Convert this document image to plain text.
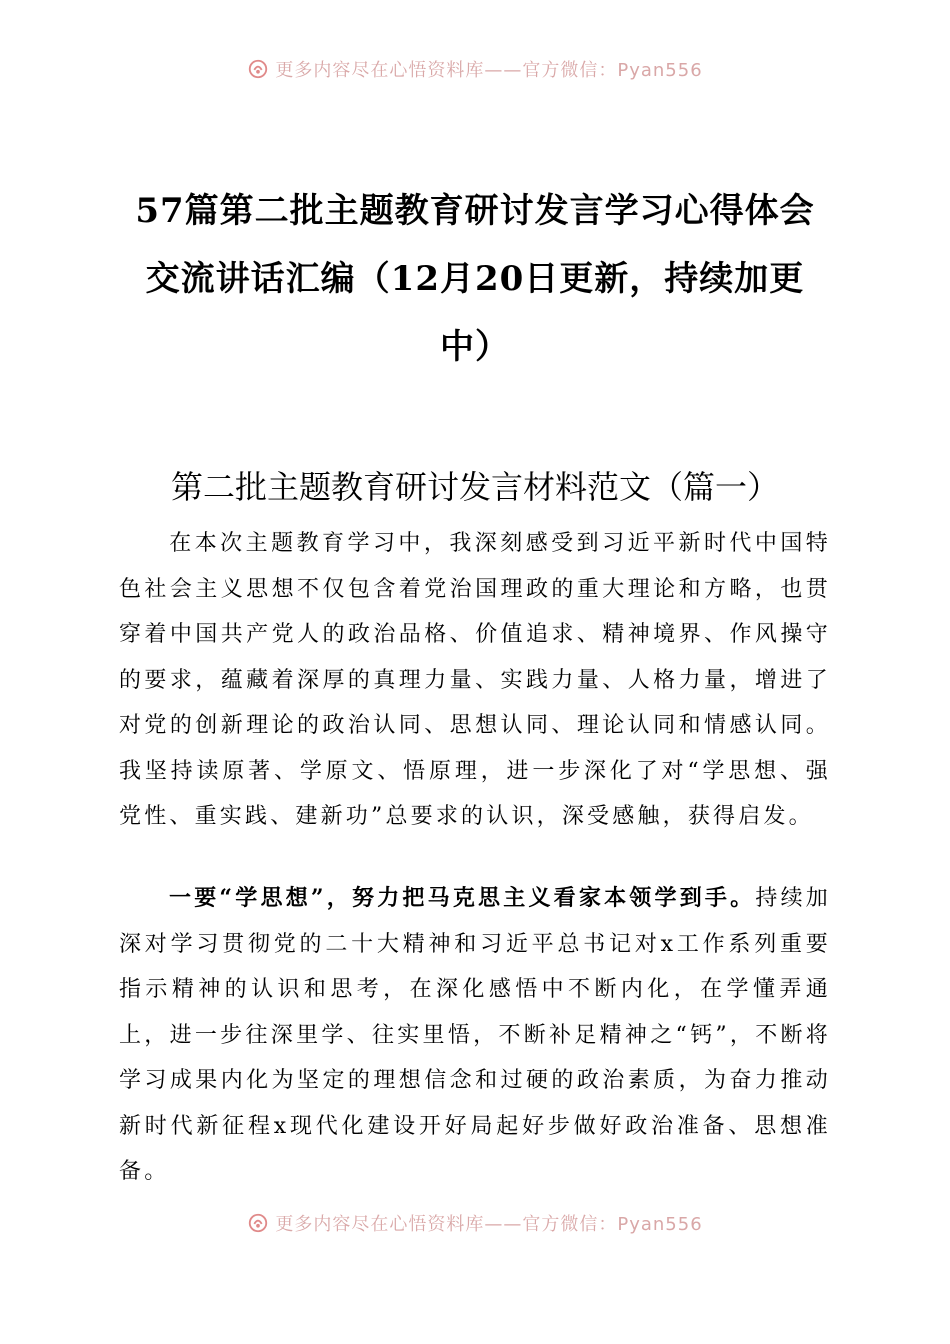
更多内容尽在心悟资料库——官方微信：Pyan556
57篇第二批主题教育研讨发言学习心得体会
交流讲话汇编（12月20日更新，持续加更
中）
第二批主题教育研讨发言材料范文（篇一）

在本次主题教育学习中，我深刻感受到习近平新时代中国特色社会主义思想不仅包含着党治国理政的重大理论和方略，也贯穿着中国共产党人的政治品格、价值追求、精神境界、作风操守的要求，蕴藏着深厚的真理力量、实践力量、人格力量，增进了对党的创新理论的政治认同、思想认同、理论认同和情感认同。我坚持读原著、学原文、悟原理，进一步深化了对“学思想、强党性、重实践、建新功”总要求的认识，深受感触，获得启发。

一要“学思想”，努力把马克思主义看家本领学到手。持续加深对学习贯彻党的二十大精神和习近平总书记对x工作系列重要指示精神的认识和思考，在深化感悟中不断内化，在学懂弄通上，进一步往深里学、往实里悟，不断补足精神之“钙”，不断将学习成果内化为坚定的理想信念和过硬的政治素质，为奋力推动新时代新征程x现代化建设开好局起好步做好政治准备、思想准备。

更多内容尽在心悟资料库——官方微信：Pyan556
